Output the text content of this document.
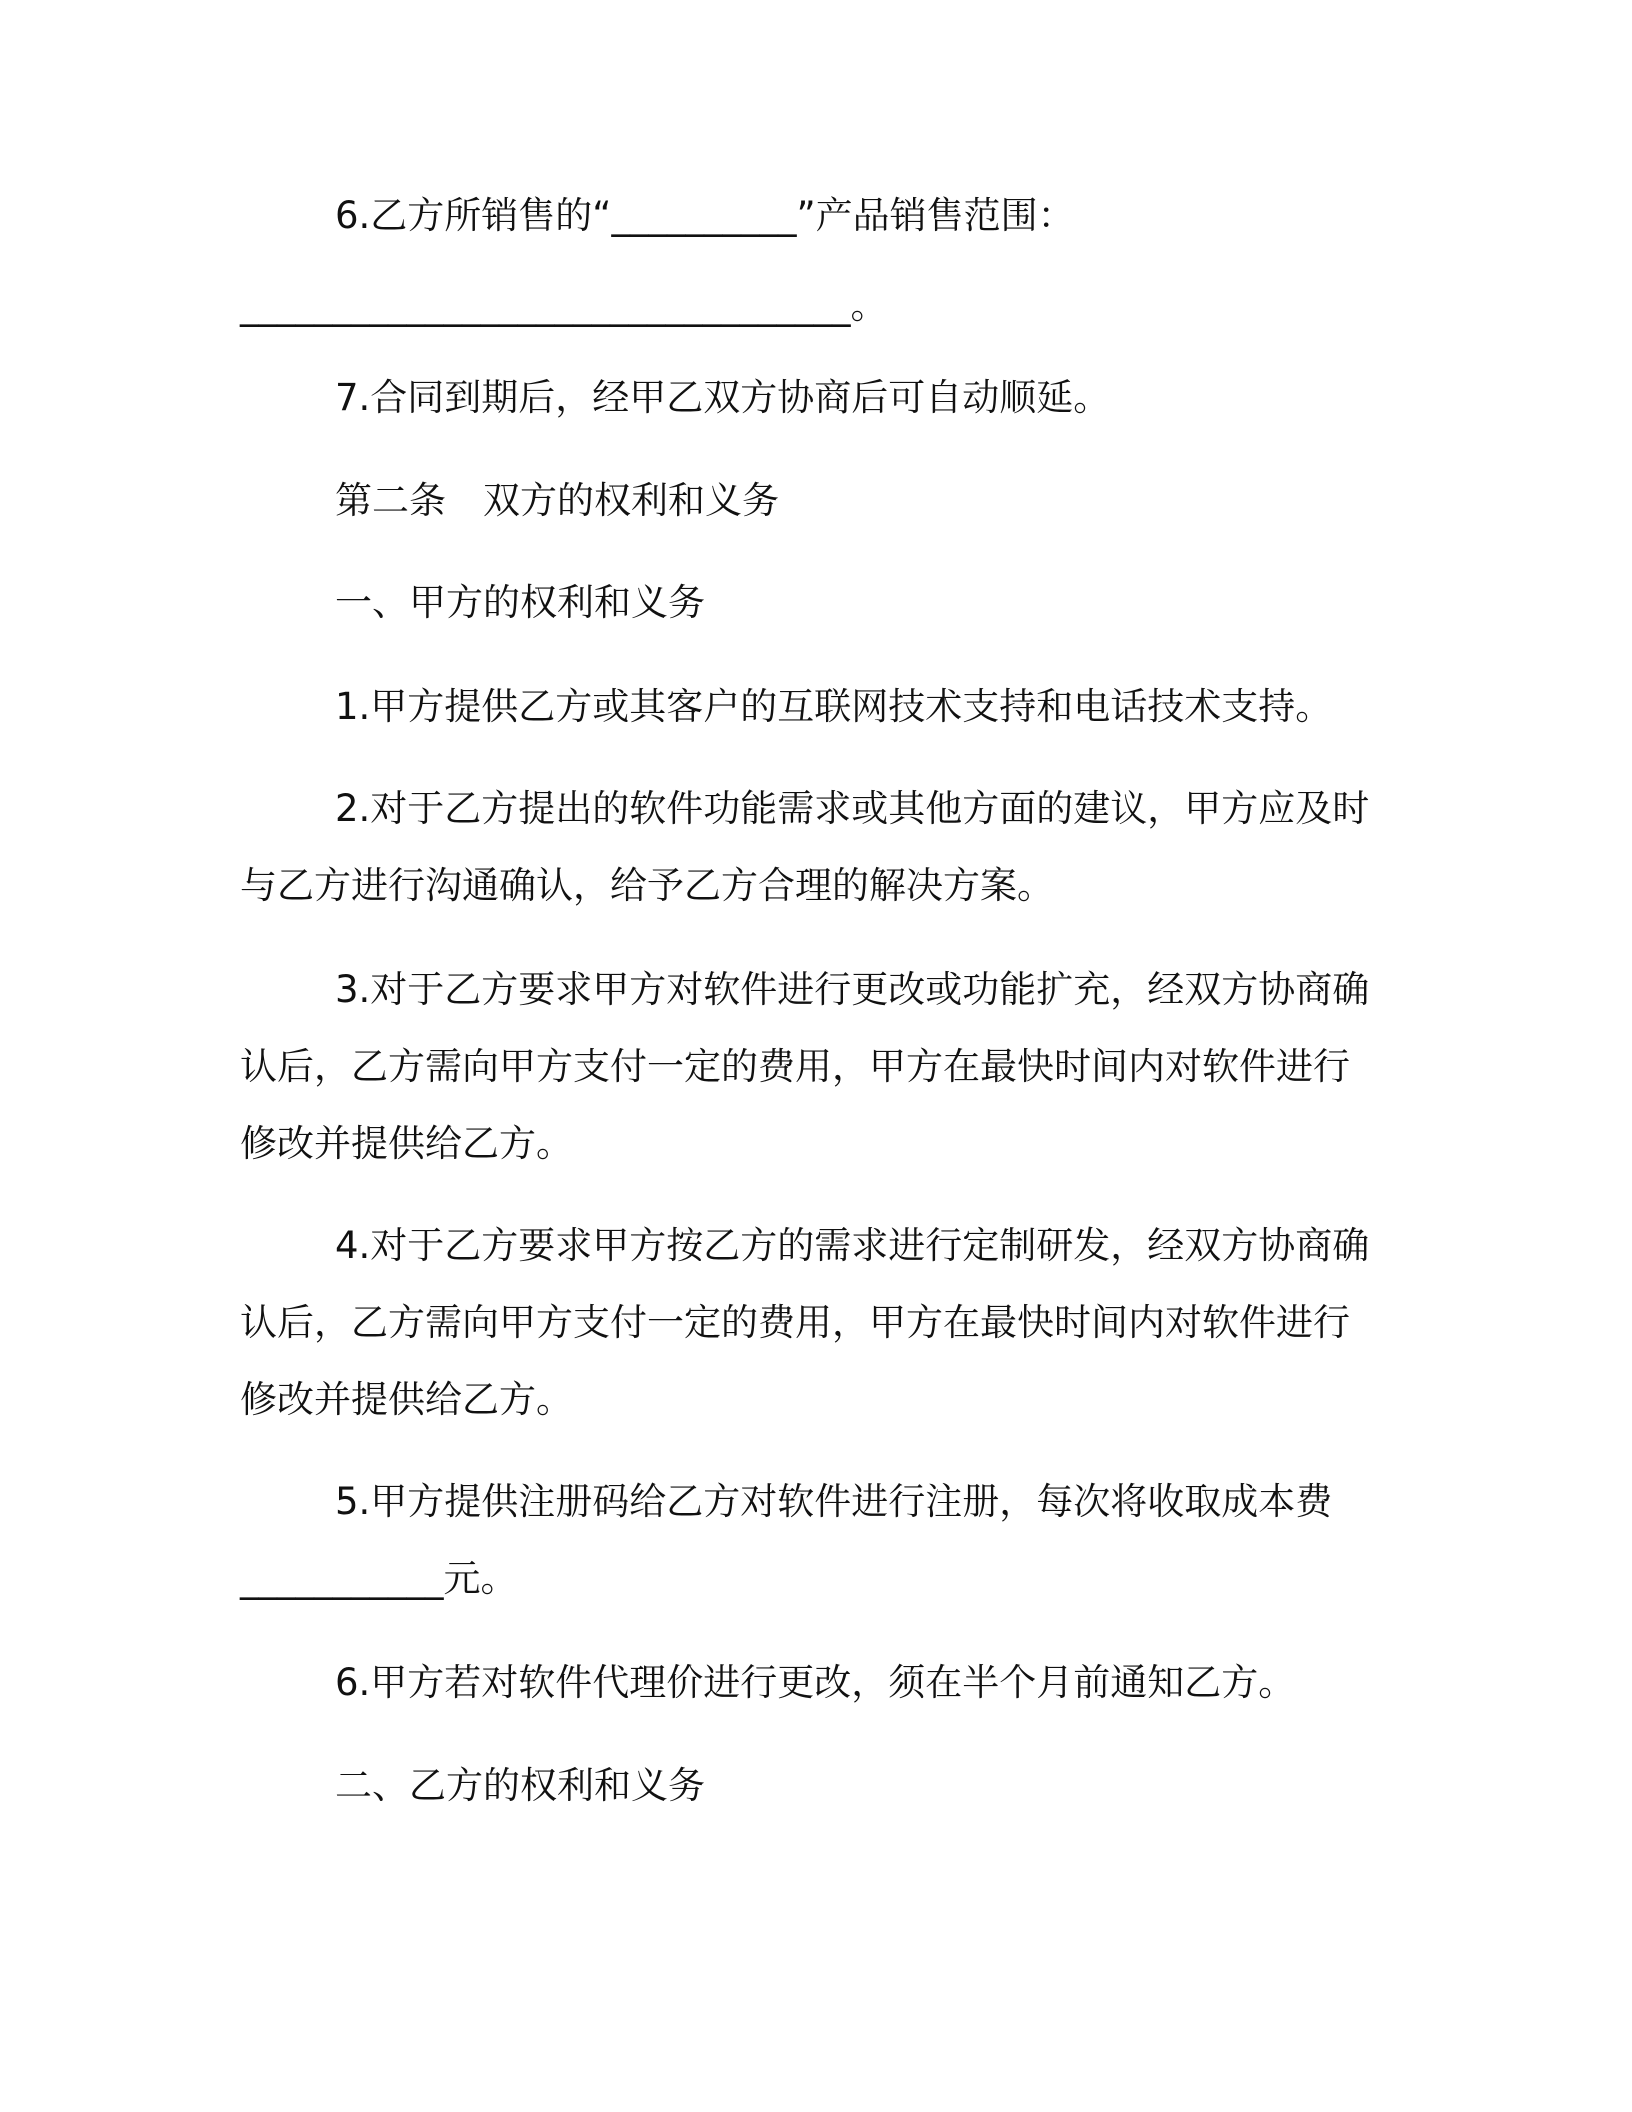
6.乙方所销售的“__________”产品销售范围：
_________________________________。
7.合同到期后，经甲乙双方协商后可自动顺延。
第二条　双方的权利和义务
一、甲方的权利和义务
1.甲方提供乙方或其客户的互联网技术支持和电话技术支持。
2.对于乙方提出的软件功能需求或其他方面的建议，甲方应及时
与乙方进行沟通确认，给予乙方合理的解决方案。
3.对于乙方要求甲方对软件进行更改或功能扩充，经双方协商确
认后，乙方需向甲方支付一定的费用，甲方在最快时间内对软件进行
修改并提供给乙方。
4.对于乙方要求甲方按乙方的需求进行定制研发，经双方协商确
认后，乙方需向甲方支付一定的费用，甲方在最快时间内对软件进行
修改并提供给乙方。
5.甲方提供注册码给乙方对软件进行注册，每次将收取成本费
___________元。
6.甲方若对软件代理价进行更改，须在半个月前通知乙方。
二、乙方的权利和义务
